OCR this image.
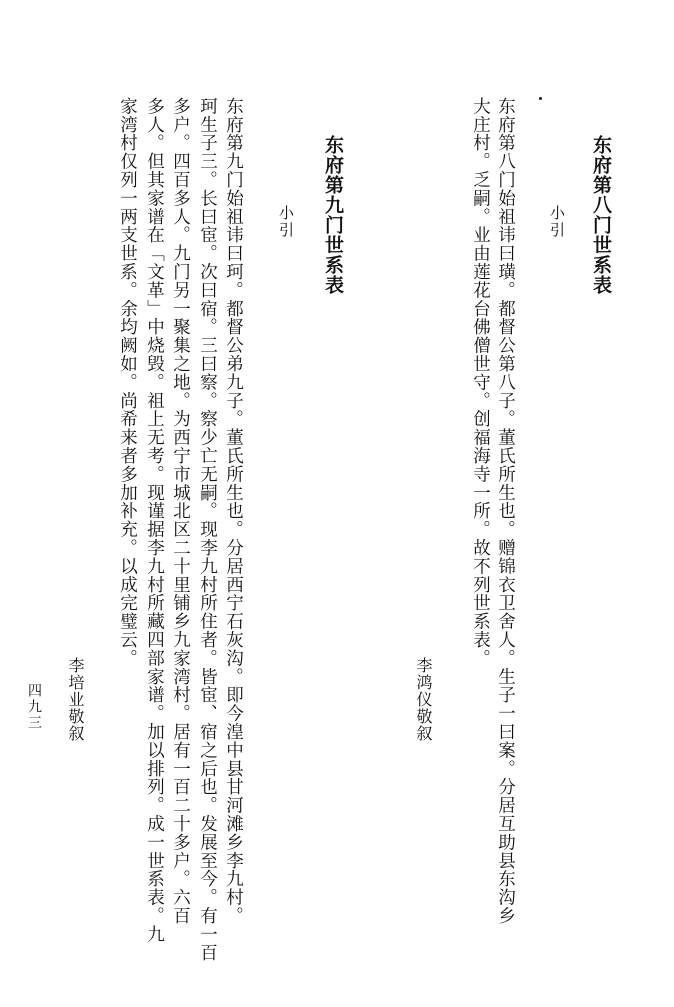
东府第八门世系表
小引
东府第八门始祖讳曰璜。都督公第八子。董氏所生也。赠锦衣卫舍人。生子一曰案。分居互助县东沟乡
大庄村。乏嗣。业由莲花台佛僧世守。创福海寺一所。故不列世系表。
李鸿仪敬叙
东府第九门世系表
小引
东府第九门始祖讳曰珂。都督公弟九子。董氏所生也。分居西宁石灰沟。即今湟中县甘河滩乡李九村。
珂生子三。长曰宦。次曰宿。三曰察。察少亡无嗣。现李九村所住者。皆宦、宿之后也。发展至今。有一百
多户。四百多人。九门另一聚集之地。为西宁市城北区二十里铺乡九家湾村。居有一百二十多户。六百
多人。但其家谱在「文革」中烧毁。祖上无考。现谨据李九村所藏四部家谱。加以排列。成一世系表。九
家湾村仅列一两支世系。余均阙如。尚希来者多加补充。以成完璧云。
李培业敬叙
四九三
